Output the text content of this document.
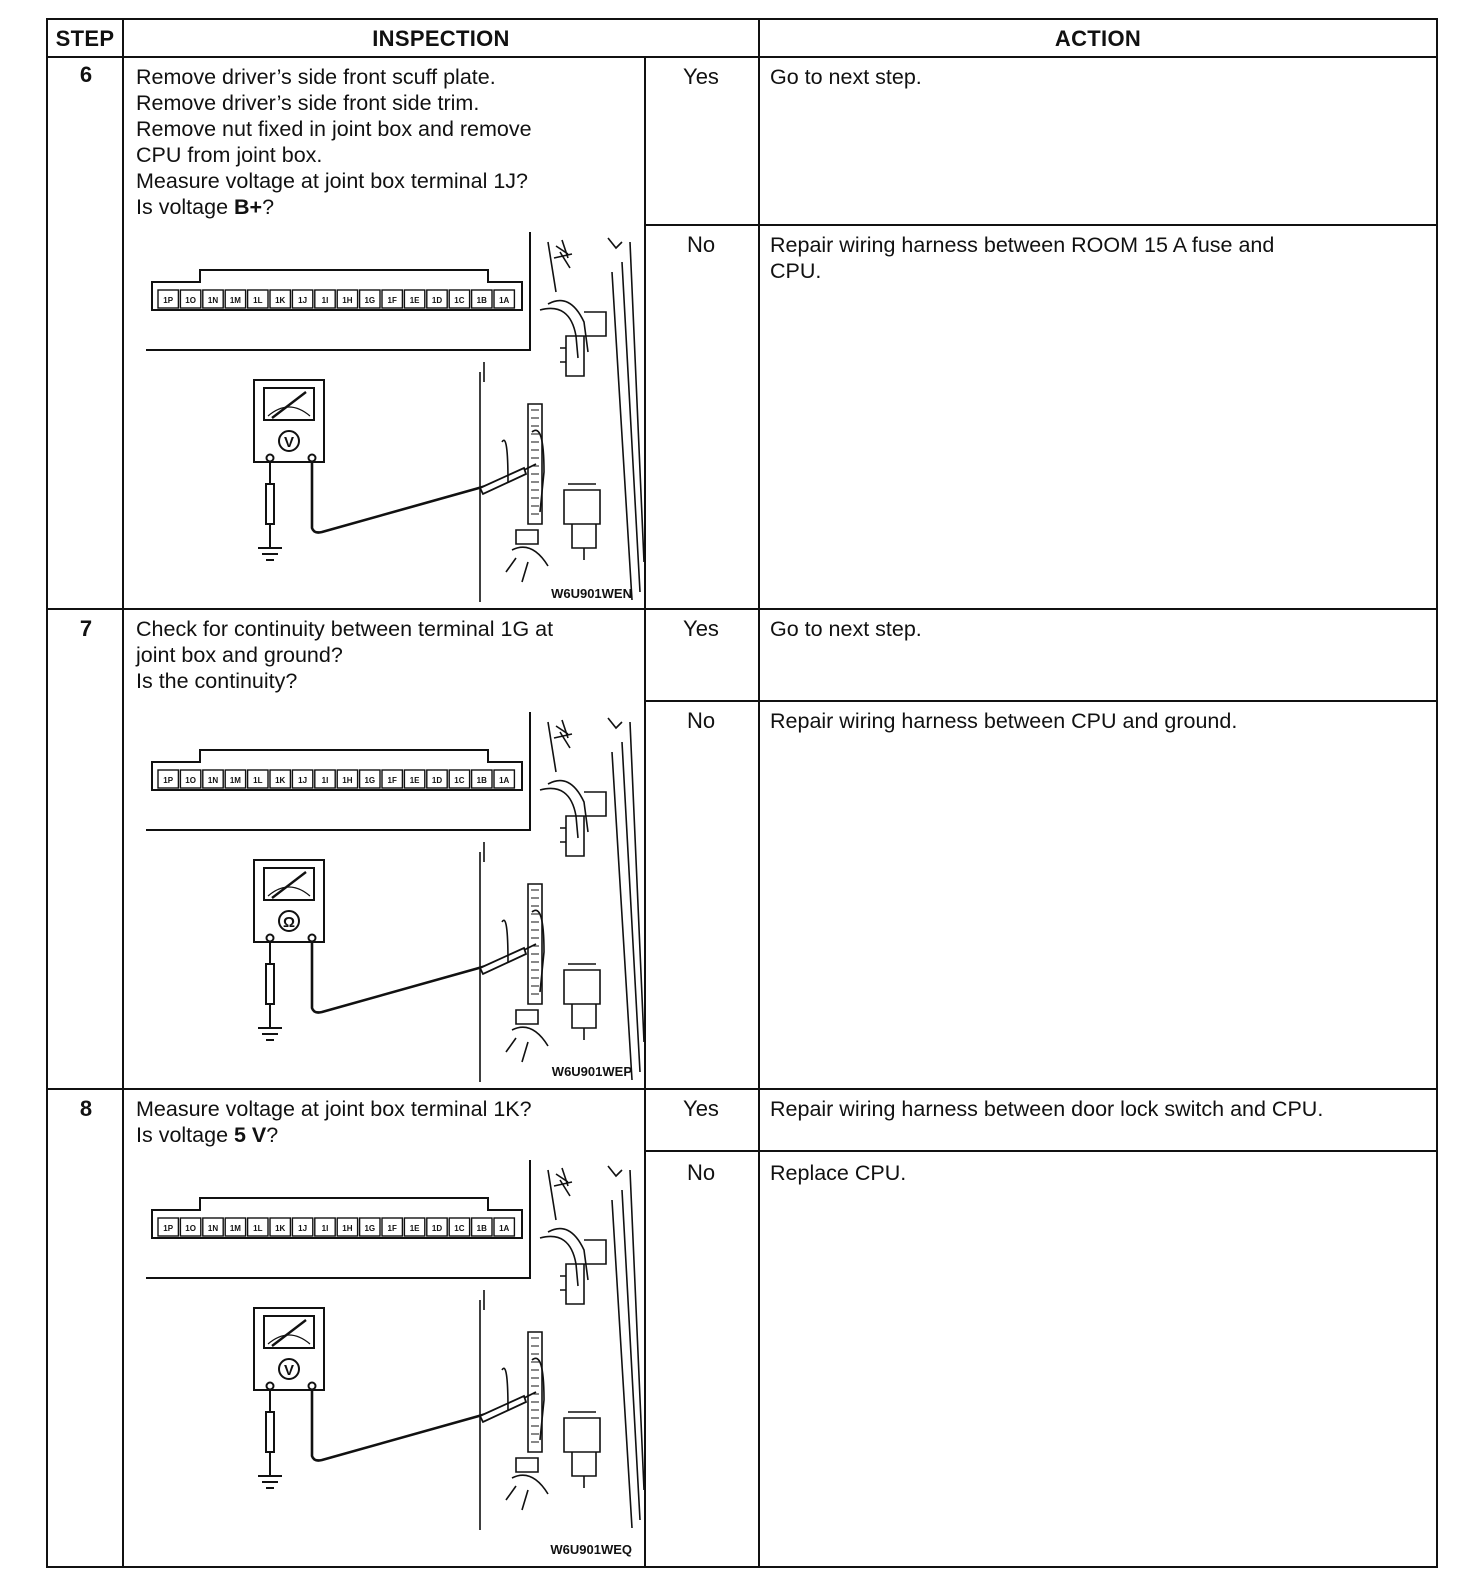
STEP	INSPECTION	ACTION
6	Remove driver’s side front scuff plate.
Remove driver’s side front side trim.
Remove nut fixed in joint box and remove
CPU from joint box.
Measure voltage at joint box terminal 1J?
Is voltage B+?
Yes	Go to next step.
No	Repair wiring harness between ROOM 15 A fuse and
CPU.
1P 1O 1N 1M 1L 1K 1J 1I 1H 1G 1F 1E 1D 1C 1B 1A
V
W6U901WEN
7	Check for continuity between terminal 1G at
joint box and ground?
Is the continuity?
Yes	Go to next step.
No	Repair wiring harness between CPU and ground.
1P 1O 1N 1M 1L 1K 1J 1I 1H 1G 1F 1E 1D 1C 1B 1A
Ω
W6U901WEP
8	Measure voltage at joint box terminal 1K?
Is voltage 5 V?
Yes	Repair wiring harness between door lock switch and CPU.
No	Replace CPU.
1P 1O 1N 1M 1L 1K 1J 1I 1H 1G 1F 1E 1D 1C 1B 1A
V
W6U901WEQ
